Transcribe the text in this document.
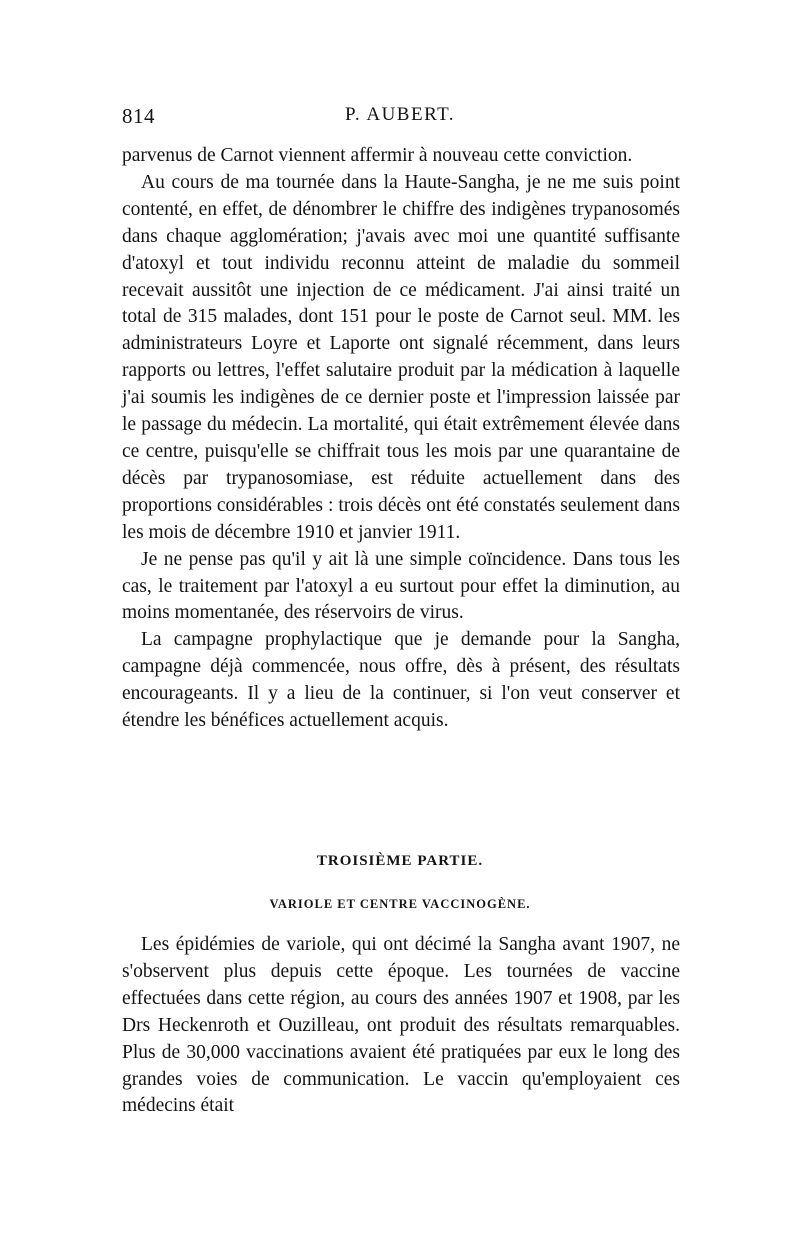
814	P. AUBERT.

parvenus de Carnot viennent affermir à nouveau cette conviction.

Au cours de ma tournée dans la Haute-Sangha, je ne me suis point contenté, en effet, de dénombrer le chiffre des indigènes trypanosomés dans chaque agglomération; j'avais avec moi une quantité suffisante d'atoxyl et tout individu reconnu atteint de maladie du sommeil recevait aussitôt une injection de ce médicament. J'ai ainsi traité un total de 315 malades, dont 151 pour le poste de Carnot seul. MM. les administrateurs Loyre et Laporte ont signalé récemment, dans leurs rapports ou lettres, l'effet salutaire produit par la médication à laquelle j'ai soumis les indigènes de ce dernier poste et l'impression laissée par le passage du médecin. La mortalité, qui était extrêmement élevée dans ce centre, puisqu'elle se chiffrait tous les mois par une quarantaine de décès par trypanosomiase, est réduite actuellement dans des proportions considérables : trois décès ont été constatés seulement dans les mois de décembre 1910 et janvier 1911.

Je ne pense pas qu'il y ait là une simple coïncidence. Dans tous les cas, le traitement par l'atoxyl a eu surtout pour effet la diminution, au moins momentanée, des réservoirs de virus.

La campagne prophylactique que je demande pour la Sangha, campagne déjà commencée, nous offre, dès à présent, des résultats encourageants. Il y a lieu de la continuer, si l'on veut conserver et étendre les bénéfices actuellement acquis.

TROISIÈME PARTIE.
VARIOLE ET CENTRE VACCINOGÈNE.

Les épidémies de variole, qui ont décimé la Sangha avant 1907, ne s'observent plus depuis cette époque. Les tournées de vaccine effectuées dans cette région, au cours des années 1907 et 1908, par les Drs Heckenroth et Ouzilleau, ont produit des résultats remarquables. Plus de 30,000 vaccinations avaient été pratiquées par eux le long des grandes voies de communication. Le vaccin qu'employaient ces médecins était
